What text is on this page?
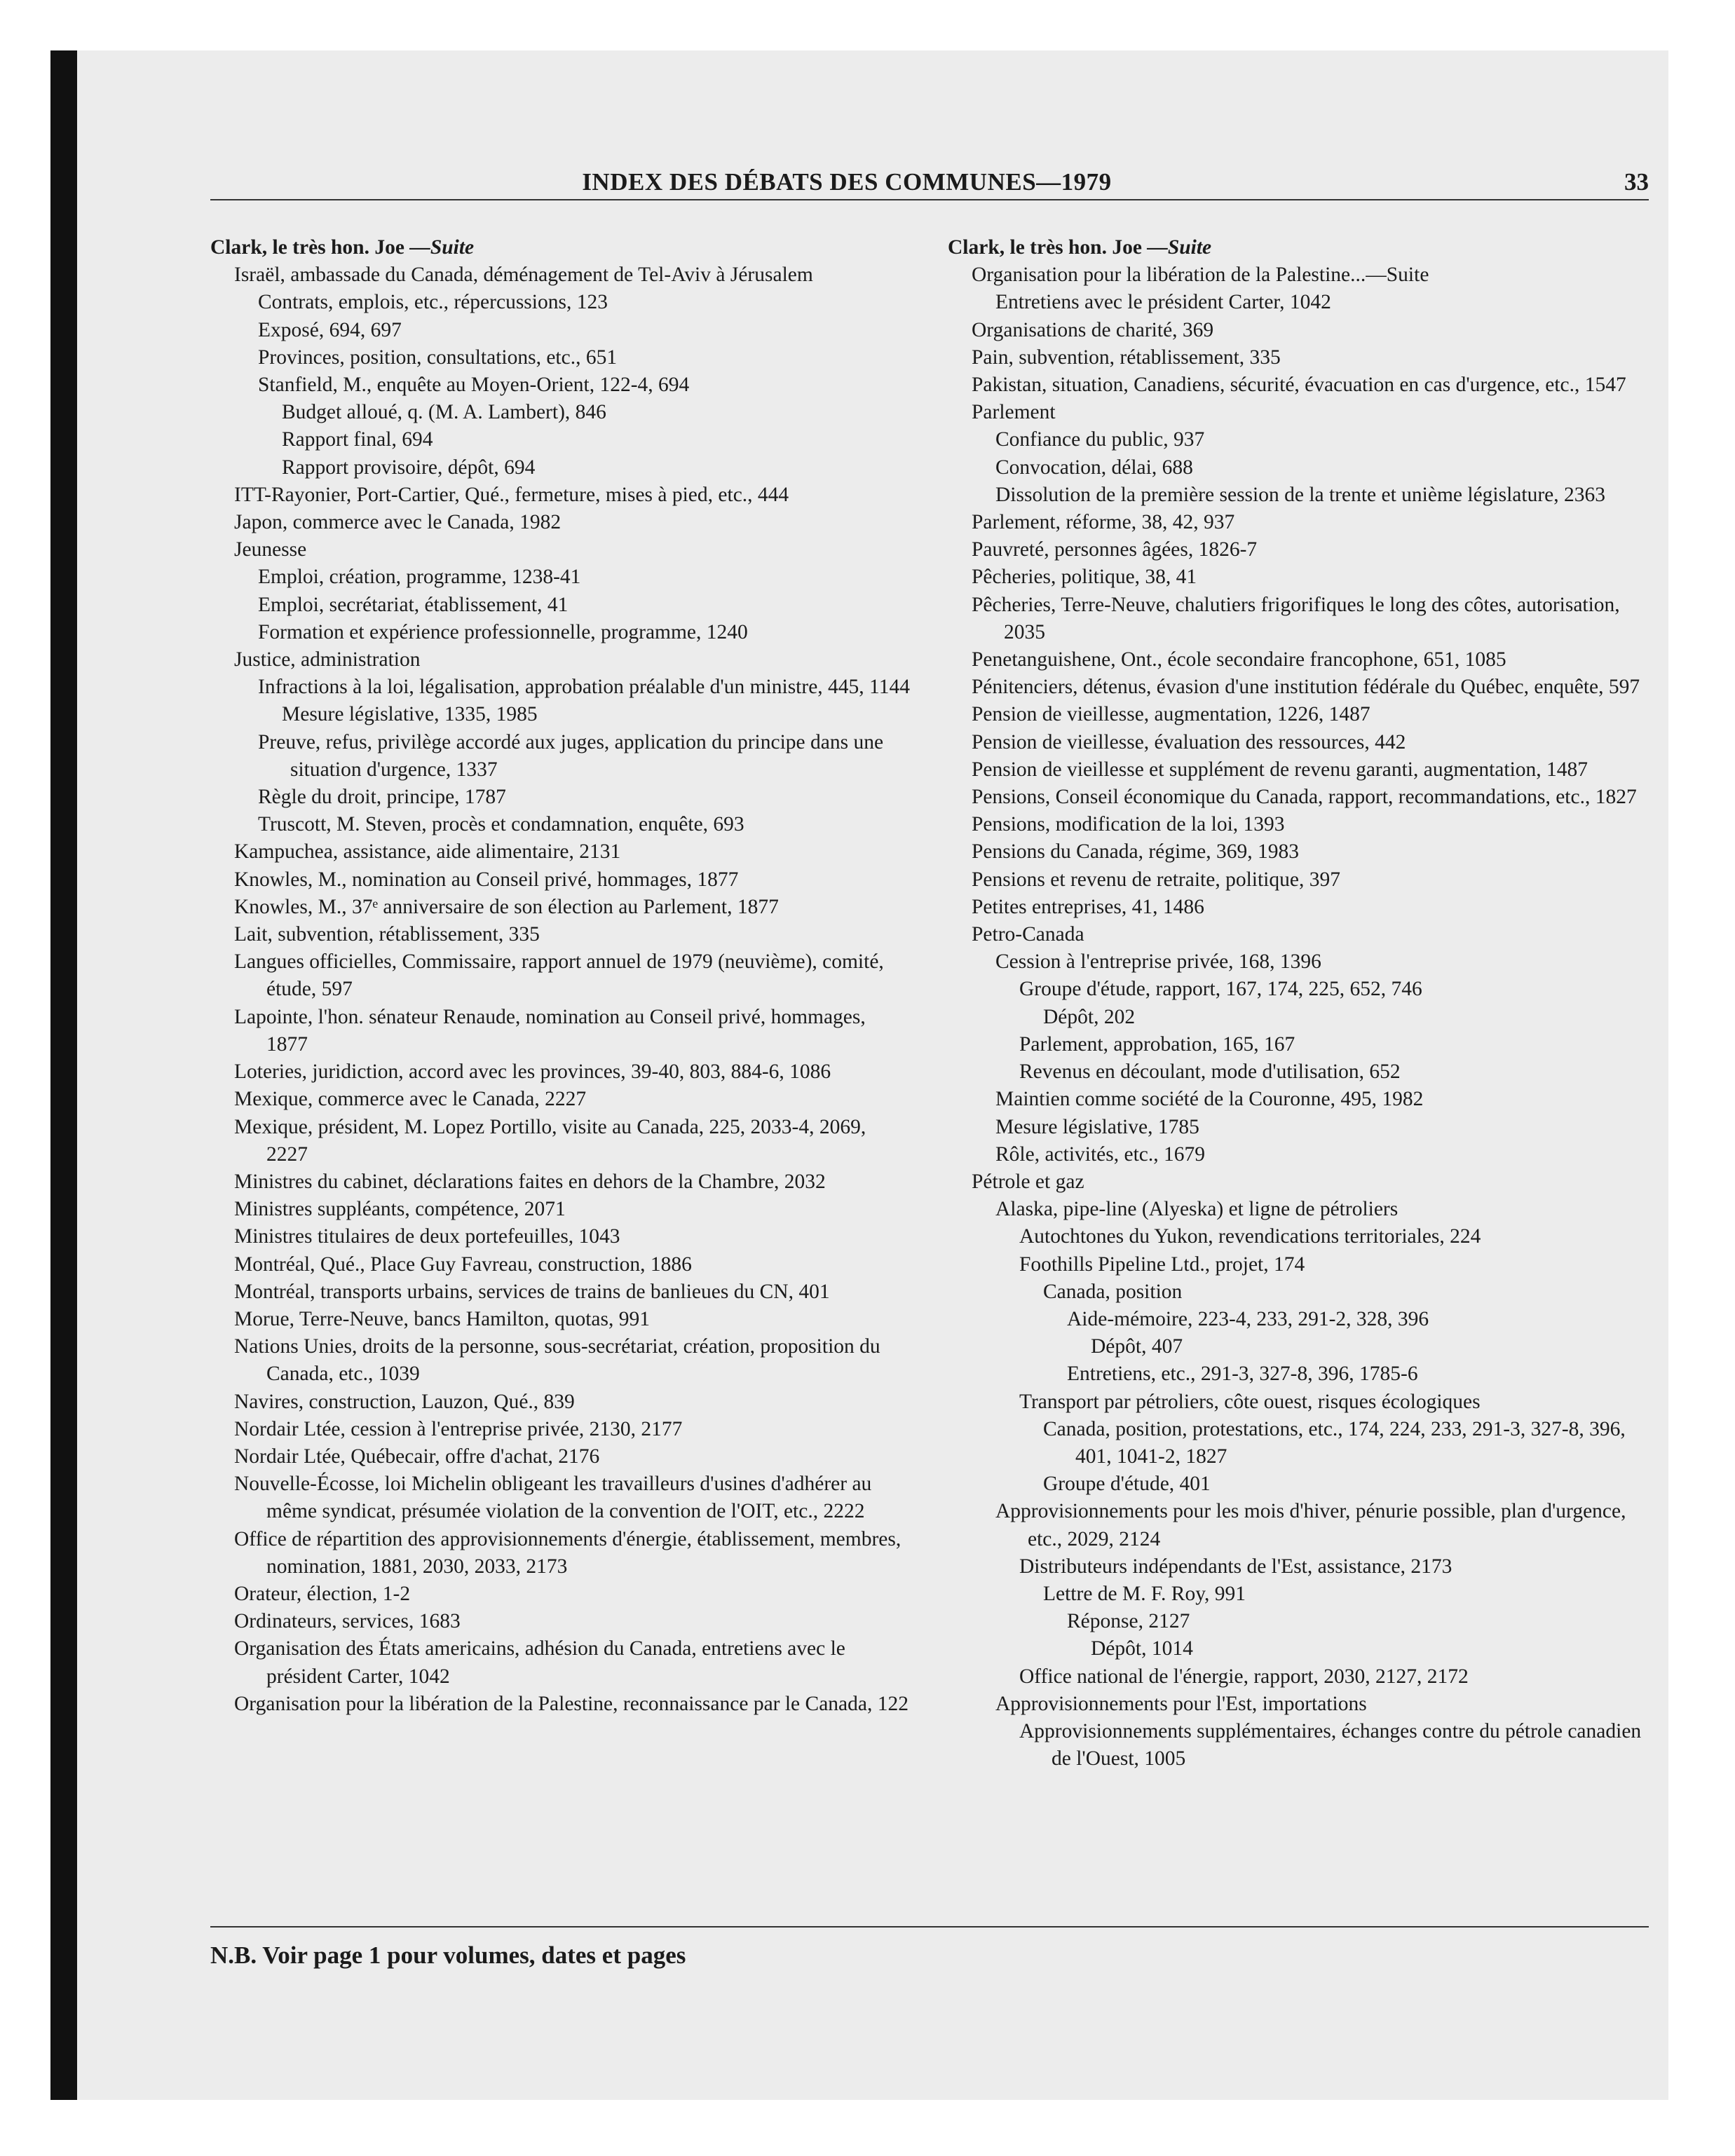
INDEX DES DÉBATS DES COMMUNES—1979	33
Clark, le très hon. Joe —Suite
Israël, ambassade du Canada, déménagement de Tel-Aviv à Jérusalem
Contrats, emplois, etc., répercussions, 123
Exposé, 694, 697
Provinces, position, consultations, etc., 651
Stanfield, M., enquête au Moyen-Orient, 122-4, 694
Budget alloué, q. (M. A. Lambert), 846
Rapport final, 694
Rapport provisoire, dépôt, 694
ITT-Rayonier, Port-Cartier, Qué., fermeture, mises à pied, etc., 444
Japon, commerce avec le Canada, 1982
Jeunesse
Emploi, création, programme, 1238-41
Emploi, secrétariat, établissement, 41
Formation et expérience professionnelle, programme, 1240
Justice, administration
Infractions à la loi, légalisation, approbation préalable d'un ministre, 445, 1144
Mesure législative, 1335, 1985
Preuve, refus, privilège accordé aux juges, application du principe dans une situation d'urgence, 1337
Règle du droit, principe, 1787
Truscott, M. Steven, procès et condamnation, enquête, 693
Kampuchea, assistance, aide alimentaire, 2131
Knowles, M., nomination au Conseil privé, hommages, 1877
Knowles, M., 37ᵉ anniversaire de son élection au Parlement, 1877
Lait, subvention, rétablissement, 335
Langues officielles, Commissaire, rapport annuel de 1979 (neuvième), comité, étude, 597
Lapointe, l'hon. sénateur Renaude, nomination au Conseil privé, hommages, 1877
Loteries, juridiction, accord avec les provinces, 39-40, 803, 884-6, 1086
Mexique, commerce avec le Canada, 2227
Mexique, président, M. Lopez Portillo, visite au Canada, 225, 2033-4, 2069, 2227
Ministres du cabinet, déclarations faites en dehors de la Chambre, 2032
Ministres suppléants, compétence, 2071
Ministres titulaires de deux portefeuilles, 1043
Montréal, Qué., Place Guy Favreau, construction, 1886
Montréal, transports urbains, services de trains de banlieues du CN, 401
Morue, Terre-Neuve, bancs Hamilton, quotas, 991
Nations Unies, droits de la personne, sous-secrétariat, création, proposition du Canada, etc., 1039
Navires, construction, Lauzon, Qué., 839
Nordair Ltée, cession à l'entreprise privée, 2130, 2177
Nordair Ltée, Québecair, offre d'achat, 2176
Nouvelle-Écosse, loi Michelin obligeant les travailleurs d'usines d'adhérer au même syndicat, présumée violation de la convention de l'OIT, etc., 2222
Office de répartition des approvisionnements d'énergie, établissement, membres, nomination, 1881, 2030, 2033, 2173
Orateur, élection, 1-2
Ordinateurs, services, 1683
Organisation des États americains, adhésion du Canada, entretiens avec le président Carter, 1042
Organisation pour la libération de la Palestine, reconnaissance par le Canada, 122
Clark, le très hon. Joe —Suite
Organisation pour la libération de la Palestine...—Suite
Entretiens avec le président Carter, 1042
Organisations de charité, 369
Pain, subvention, rétablissement, 335
Pakistan, situation, Canadiens, sécurité, évacuation en cas d'urgence, etc., 1547
Parlement
Confiance du public, 937
Convocation, délai, 688
Dissolution de la première session de la trente et unième législature, 2363
Parlement, réforme, 38, 42, 937
Pauvreté, personnes âgées, 1826-7
Pêcheries, politique, 38, 41
Pêcheries, Terre-Neuve, chalutiers frigorifiques le long des côtes, autorisation, 2035
Penetanguishene, Ont., école secondaire francophone, 651, 1085
Pénitenciers, détenus, évasion d'une institution fédérale du Québec, enquête, 597
Pension de vieillesse, augmentation, 1226, 1487
Pension de vieillesse, évaluation des ressources, 442
Pension de vieillesse et supplément de revenu garanti, augmentation, 1487
Pensions, Conseil économique du Canada, rapport, recommandations, etc., 1827
Pensions, modification de la loi, 1393
Pensions du Canada, régime, 369, 1983
Pensions et revenu de retraite, politique, 397
Petites entreprises, 41, 1486
Petro-Canada
Cession à l'entreprise privée, 168, 1396
Groupe d'étude, rapport, 167, 174, 225, 652, 746
Dépôt, 202
Parlement, approbation, 165, 167
Revenus en découlant, mode d'utilisation, 652
Maintien comme société de la Couronne, 495, 1982
Mesure législative, 1785
Rôle, activités, etc., 1679
Pétrole et gaz
Alaska, pipe-line (Alyeska) et ligne de pétroliers
Autochtones du Yukon, revendications territoriales, 224
Foothills Pipeline Ltd., projet, 174
Canada, position
Aide-mémoire, 223-4, 233, 291-2, 328, 396
Dépôt, 407
Entretiens, etc., 291-3, 327-8, 396, 1785-6
Transport par pétroliers, côte ouest, risques écologiques
Canada, position, protestations, etc., 174, 224, 233, 291-3, 327-8, 396, 401, 1041-2, 1827
Groupe d'étude, 401
Approvisionnements pour les mois d'hiver, pénurie possible, plan d'urgence, etc., 2029, 2124
Distributeurs indépendants de l'Est, assistance, 2173
Lettre de M. F. Roy, 991
Réponse, 2127
Dépôt, 1014
Office national de l'énergie, rapport, 2030, 2127, 2172
Approvisionnements pour l'Est, importations
Approvisionnements supplémentaires, échanges contre du pétrole canadien de l'Ouest, 1005
N.B. Voir page 1 pour volumes, dates et pages
